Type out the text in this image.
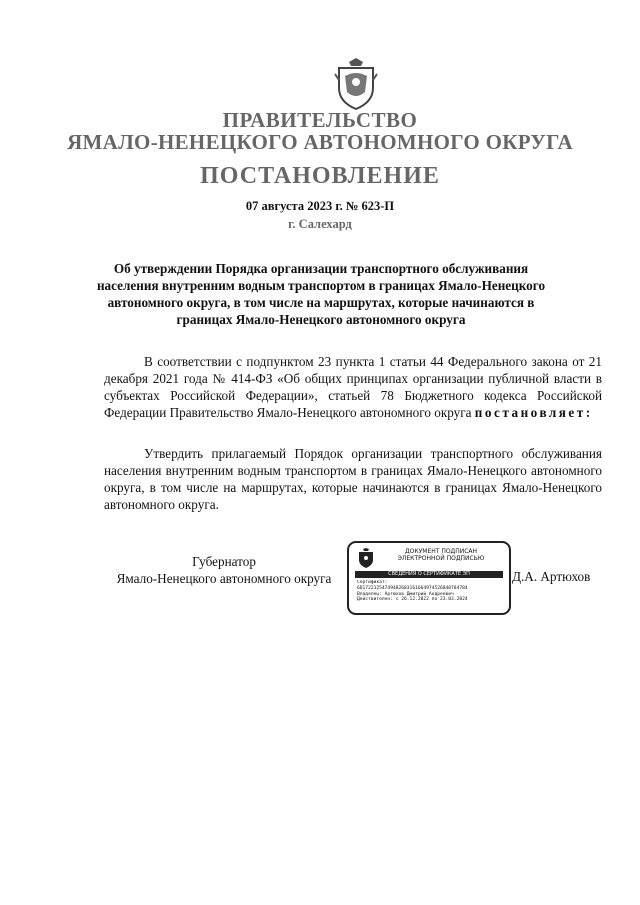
ПРАВИТЕЛЬСТВО
ЯМАЛО-НЕНЕЦКОГО АВТОНОМНОГО ОКРУГА
ПОСТАНОВЛЕНИЕ
07 августа 2023 г. № 623-П
г. Салехард
Об утверждении Порядка организации транспортного обслуживания населения внутренним водным транспортом в границах Ямало-Ненецкого автономного округа, в том числе на маршрутах, которые начинаются в границах Ямало-Ненецкого автономного округа
В соответствии с подпунктом 23 пункта 1 статьи 44 Федерального закона от 21 декабря 2021 года № 414-ФЗ «Об общих принципах организации публичной власти в субъектах Российской Федерации», статьей 78 Бюджетного кодекса Российской Федерации Правительство Ямало-Ненецкого автономного округа постановляет:
Утвердить прилагаемый Порядок организации транспортного обслуживания населения внутренним водным транспортом в границах Ямало-Ненецкого автономного округа, в том числе на маршрутах, которые начинаются в границах Ямало-Ненецкого автономного округа.
Губернатор
Ямало-Ненецкого автономного округа
ДОКУМЕНТ ПОДПИСАН
ЭЛЕКТРОННОЙ ПОДПИСЬЮ
СВЕДЕНИЯ О СЕРТИФИКАТЕ ЭП
Сертификат:
6D17221254749482683161664974526840784784
Владелец: Артюхов Дмитрий Андреевич
Действителен: с 26.12.2022 по 23.03.2024
Д.А. Артюхов
